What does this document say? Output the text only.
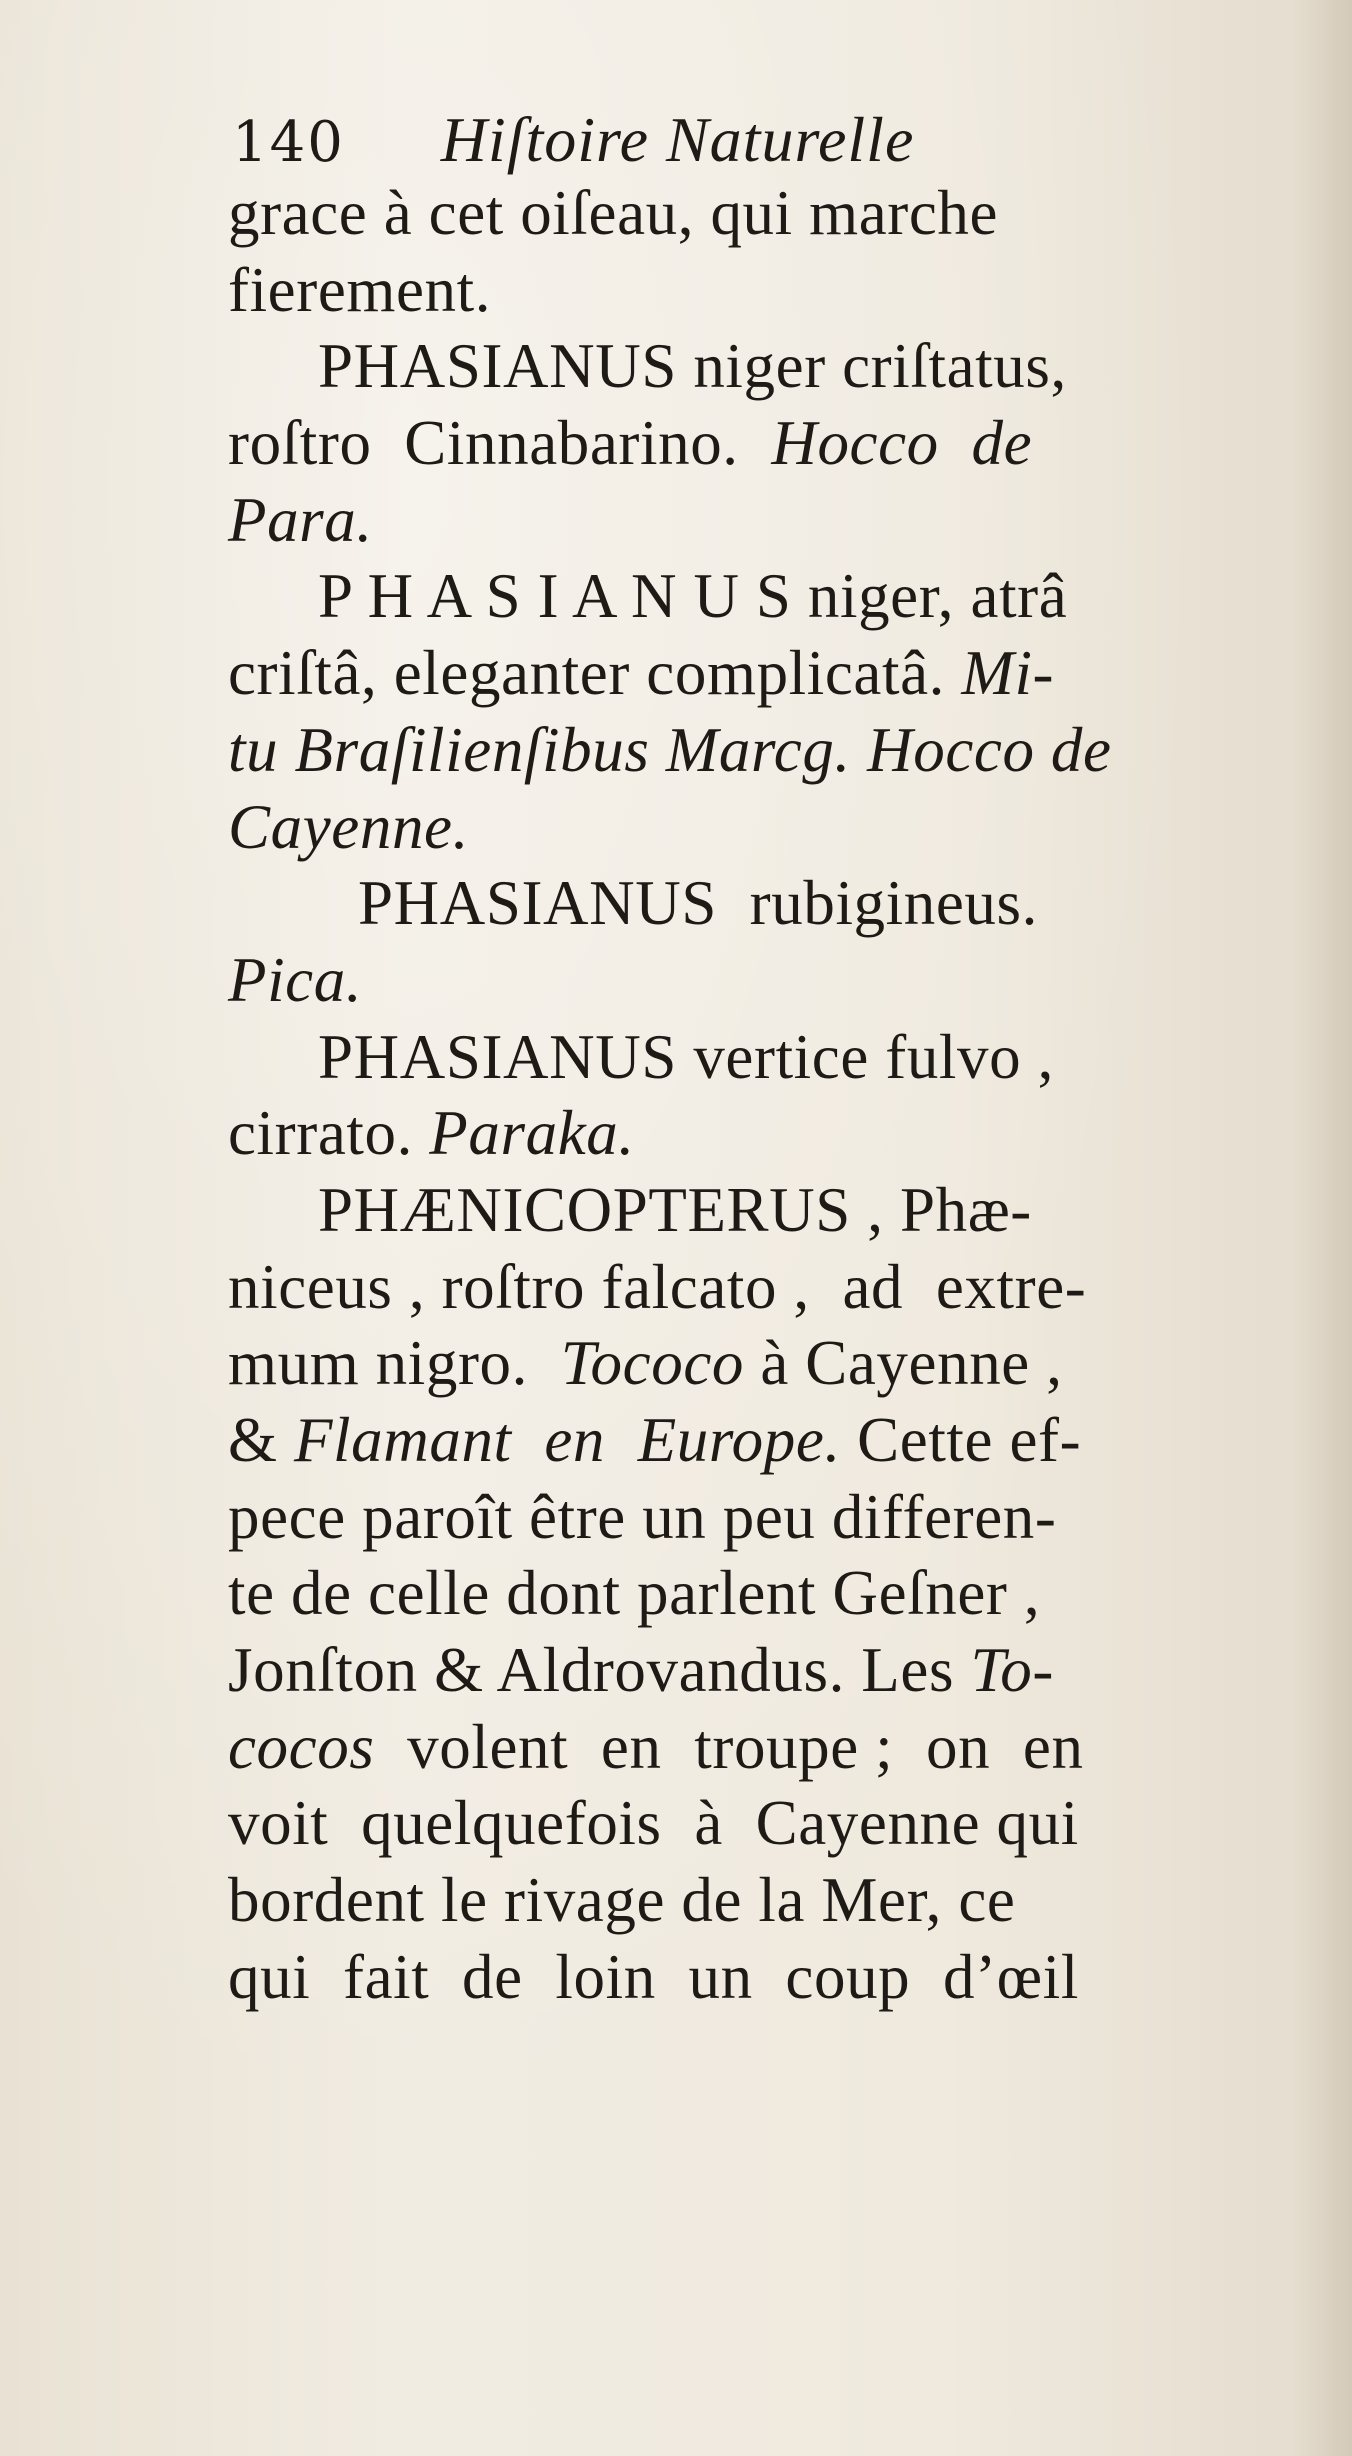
140 Hiſtoire Naturelle
grace à cet oiſeau, qui marche
fierement.
PHASIANUS niger criſtatus,
roſtro  Cinnabarino.  Hocco  de
Para.
P H A S I A N U S niger, atrâ
criſtâ, eleganter complicatâ. Mi-
tu Braſilienſibus Marcg. Hocco de
Cayenne.
PHASIANUS  rubigineus.
Pica.
PHASIANUS vertice fulvo ,
cirrato. Paraka.
PHÆNICOPTERUS , Phæ-
niceus , roſtro falcato ,  ad  extre-
mum nigro.  Tococo à Cayenne ,
& Flamant  en  Europe. Cette ef-
pece paroît être un peu differen-
te de celle dont parlent Geſner ,
Jonſton & Aldrovandus. Les To-
cocos  volent  en  troupe ;  on  en
voit  quelquefois  à  Cayenne qui
bordent le rivage de la Mer, ce
qui  fait  de  loin  un  coup  d’œil
